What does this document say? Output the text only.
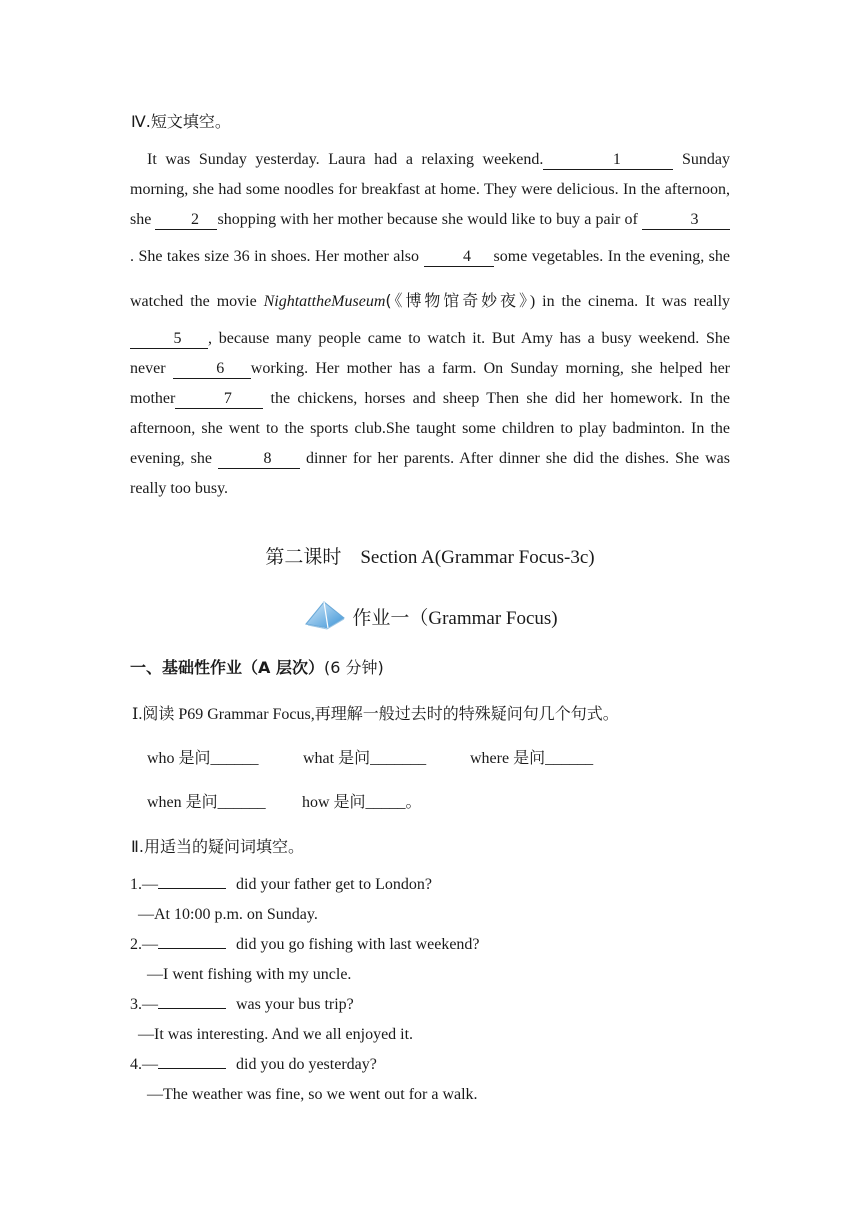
Ⅳ.短文填空。
It was Sunday yesterday. Laura had a relaxing weekend.	1	Sunday morning, she had some noodles for breakfast at home. They were delicious. In the afternoon, she 2 shopping with her mother because she would like to buy a pair of	3. She takes size 36 in shoes. Her mother also 4 some vegetables. In the evening, she watched the movie NightattheMuseum(《博物馆奇妙夜》) in the cinema. It was really5 , because many people came to watch it. But Amy has a busy weekend. She never	6 working. Her mother has a farm. On Sunday morning, she helped her mother	7 the chickens, horses and sheep Then she did her homework. In the afternoon, she went to the sports club.She taught some children to play badminton. In the evening, she	8 dinner for her parents. After dinner she did the dishes. She was really too busy.
第二课时 Section A(Grammar Focus-3c)
作业一（Grammar Focus)
一、基础性作业（A 层次）(6 分钟)
Ⅰ.阅读 P69 Grammar Focus,再理解一般过去时的特殊疑问句几个句式。
who 是问______	what 是问_______	where 是问______
when 是问______ how 是问_____。
Ⅱ.用适当的疑问词填空。
1.—	did your father get to London?
—At 10:00 p.m. on Sunday.
2.—	did you go fishing with last weekend?
—I went fishing with my uncle.
3.—	was your bus trip?
—It was interesting. And we all enjoyed it.
4.—	did you do yesterday?
—The weather was fine, so we went out for a walk.
